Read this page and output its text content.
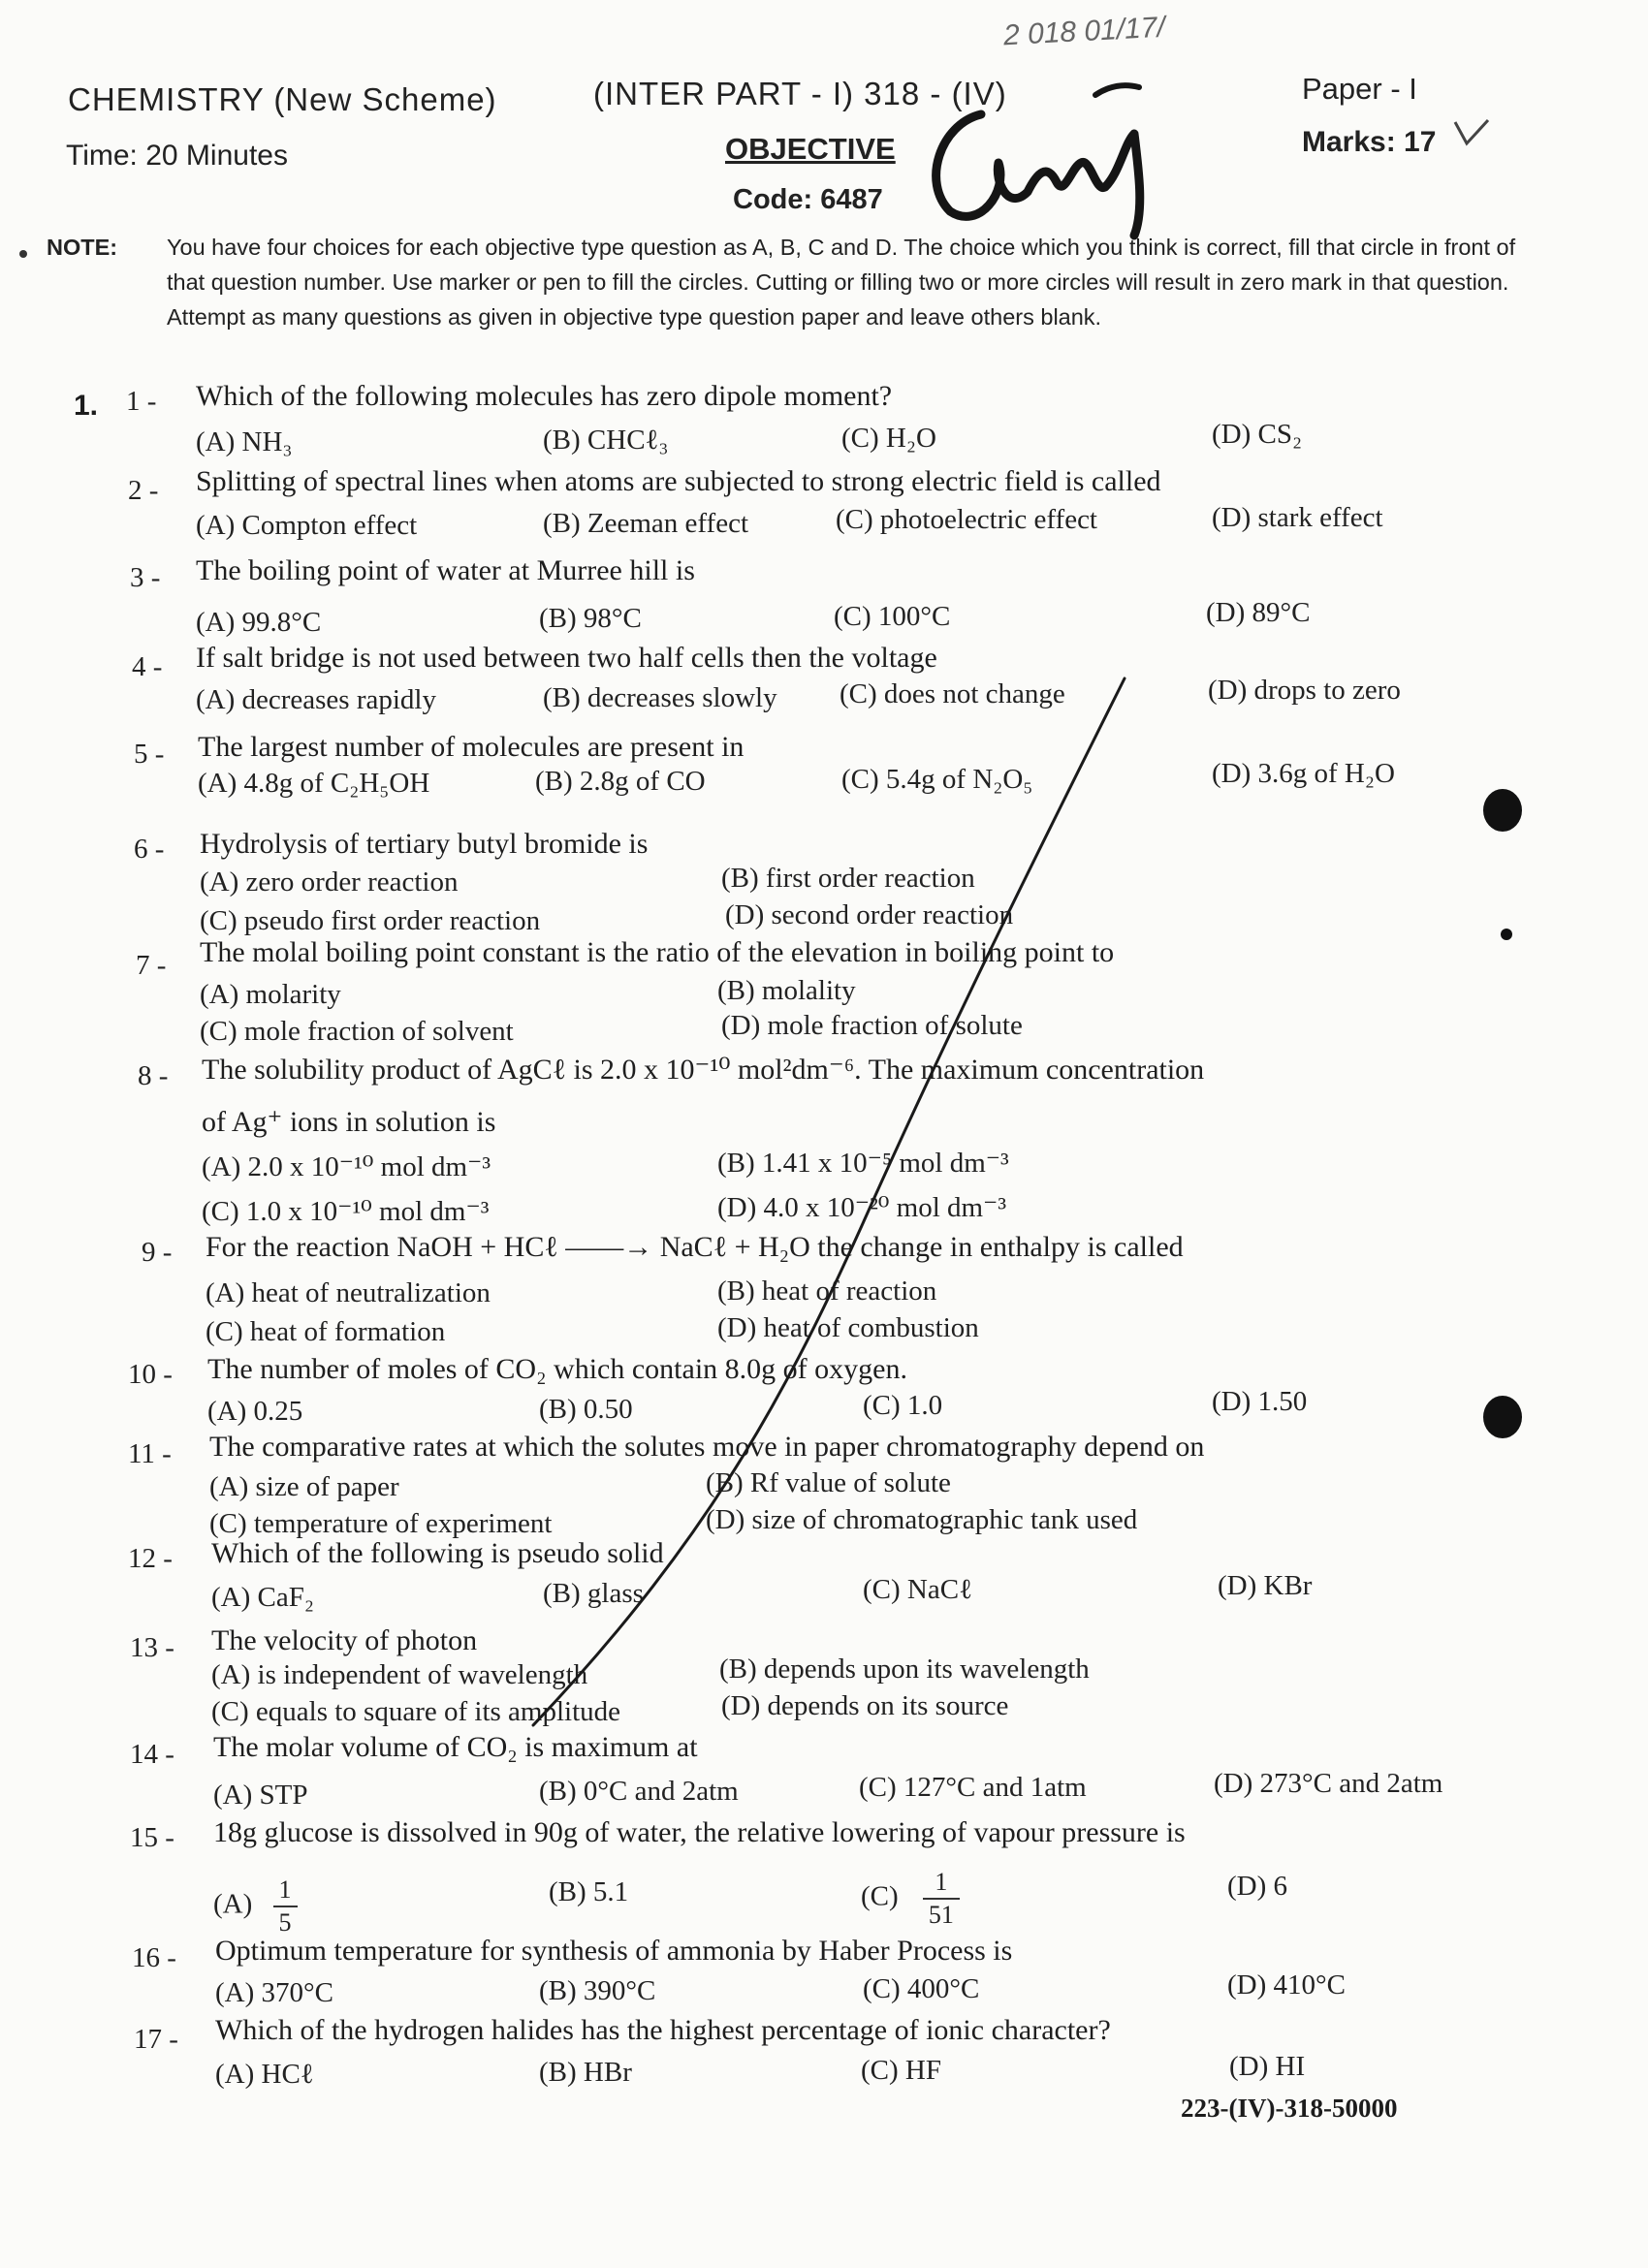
2 018 01/17/
CHEMISTRY (New Scheme)	(INTER PART - I) 318 - (IV)	Paper - I
Time: 20 Minutes	OBJECTIVE	Marks: 17
Code: 6487
NOTE: You have four choices for each objective type question as A, B, C and D. The choice which you think is correct, fill that circle in front of that question number. Use marker or pen to fill the circles. Cutting or filling two or more circles will result in zero mark in that question. Attempt as many questions as given in objective type question paper and leave others blank.
1. 1 - Which of the following molecules has zero dipole moment?
(A) NH₃	(B) CHCℓ₃	(C) H₂O	(D) CS₂
2 - Splitting of spectral lines when atoms are subjected to strong electric field is called
(A) Compton effect	(B) Zeeman effect	(C) photoelectric effect	(D) stark effect
3 - The boiling point of water at Murree hill is
(A) 99.8°C	(B) 98°C	(C) 100°C	(D) 89°C
4 - If salt bridge is not used between two half cells then the voltage
(A) decreases rapidly	(B) decreases slowly (C) does not change	(D) drops to zero
5 - The largest number of molecules are present in
(A) 4.8g of C₂H₅OH	(B) 2.8g of CO	(C) 5.4g of N₂O₅	(D) 3.6g of H₂O
6 - Hydrolysis of tertiary butyl bromide is
(A) zero order reaction	(B) first order reaction
(C) pseudo first order reaction	(D) second order reaction
7 - The molal boiling point constant is the ratio of the elevation in boiling point to
(A) molarity	(B) molality
(C) mole fraction of solvent	(D) mole fraction of solute
8 - The solubility product of AgCℓ is 2.0 x 10⁻¹⁰ mol²dm⁻⁶. The maximum concentration
of Ag⁺ ions in solution is
(A) 2.0 x 10⁻¹⁰ mol dm⁻³	(B) 1.41 x 10⁻⁵ mol dm⁻³
(C) 1.0 x 10⁻¹⁰ mol dm⁻³	(D) 4.0 x 10⁻²⁰ mol dm⁻³
9 - For the reaction NaOH + HCℓ ——→ NaCℓ + H₂O the change in enthalpy is called
(A) heat of neutralization	(B) heat of reaction
(C) heat of formation	(D) heat of combustion
10 - The number of moles of CO₂ which contain 8.0g of oxygen.
(A) 0.25	(B) 0.50	(C) 1.0	(D) 1.50
11 - The comparative rates at which the solutes move in paper chromatography depend on
(A) size of paper	(B) Rf value of solute
(C) temperature of experiment	(D) size of chromatographic tank used
12 - Which of the following is pseudo solid
(A) CaF₂	(B) glass	(C) NaCℓ	(D) KBr
13 - The velocity of photon
(A) is independent of wavelength	(B) depends upon its wavelength
(C) equals to square of its amplitude	(D) depends on its source
14 - The molar volume of CO₂ is maximum at
(A) STP	(B) 0°C and 2atm	(C) 127°C and 1atm	(D) 273°C and 2atm
15 - 18g glucose is dissolved in 90g of water, the relative lowering of vapour pressure is
$(A) \frac{1}{5}$	(B) 5.1	$(C) \frac{1}{51}$	(D) 6
16 - Optimum temperature for synthesis of ammonia by Haber Process is
(A) 370°C	(B) 390°C	(C) 400°C	(D) 410°C
17 - Which of the hydrogen halides has the highest percentage of ionic character?
(A) HCℓ	(B) HBr	(C) HF	(D) HI
223-(IV)-318-50000
